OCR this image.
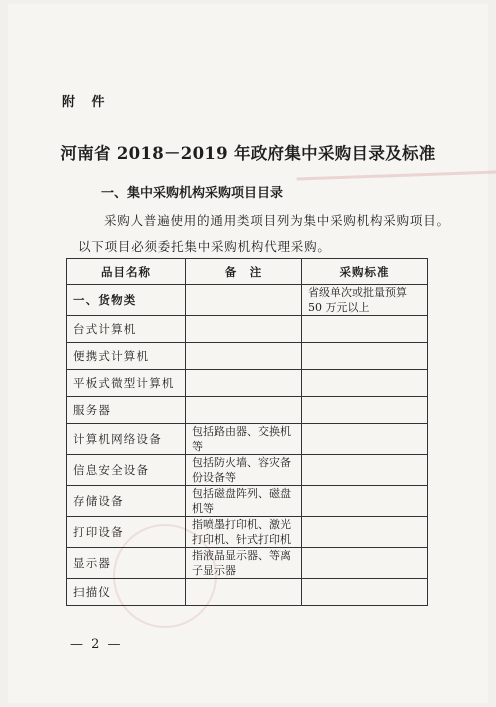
附 件
河南省 2018－2019 年政府集中采购目录及标准
一、集中采购机构采购项目目录
采购人普遍使用的通用类项目列为集中采购机构采购项目。以下项目必须委托集中采购机构代理采购。
品目名称	备　注	采购标准
一、货物类		省级单次或批量预算 50 万元以上
台式计算机		
便携式计算机		
平板式微型计算机		
服务器		
计算机网络设备	包括路由器、交换机等	
信息安全设备	包括防火墙、容灾备份设备等	
存储设备	包括磁盘阵列、磁盘机等	
打印设备	指喷墨打印机、激光打印机、针式打印机	
显示器	指液晶显示器、等离子显示器	
扫描仪		
— 2 —
